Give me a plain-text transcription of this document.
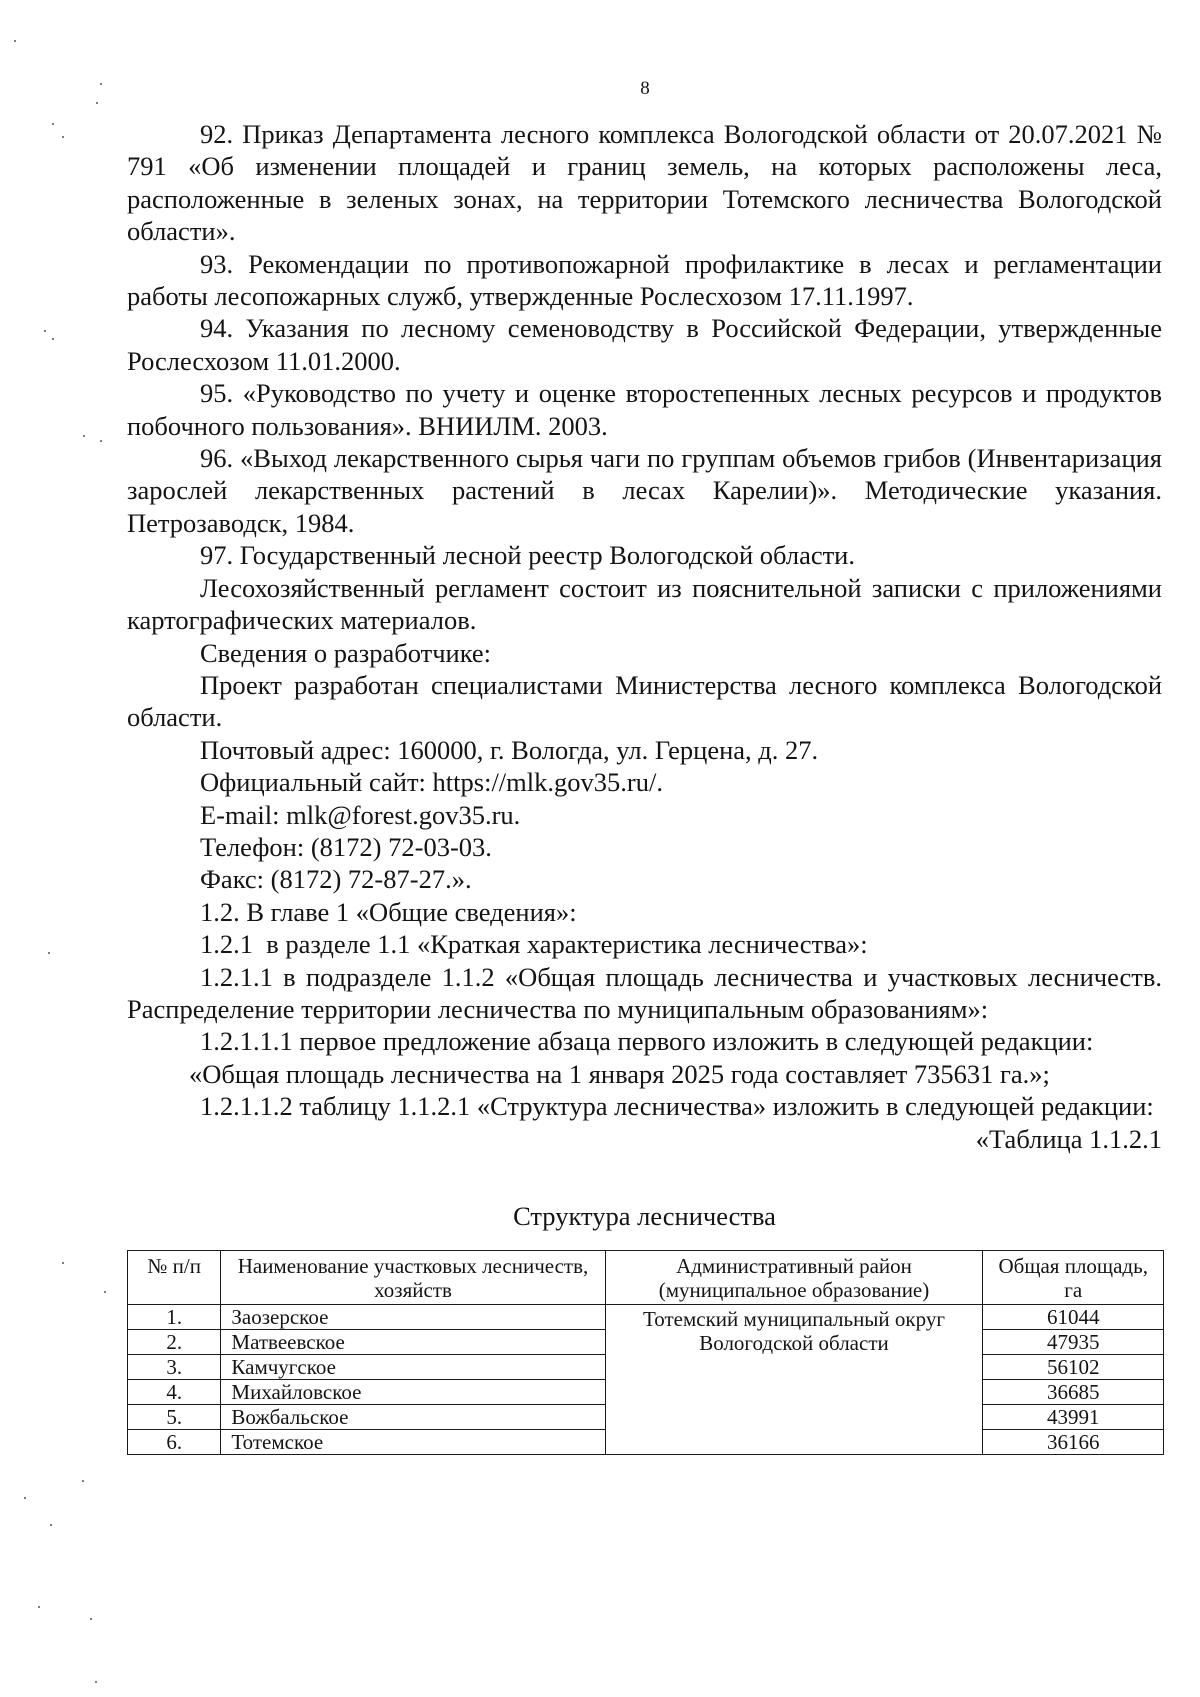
8

92. Приказ Департамента лесного комплекса Вологодской области от 20.07.2021 № 791 «Об изменении площадей и границ земель, на которых расположены леса, расположенные в зеленых зонах, на территории Тотемского лесничества Вологодской области».

93. Рекомендации по противопожарной профилактике в лесах и регламентации работы лесопожарных служб, утвержденные Рослесхозом 17.11.1997.

94. Указания по лесному семеноводству в Российской Федерации, утвержденные Рослесхозом 11.01.2000.

95. «Руководство по учету и оценке второстепенных лесных ресурсов и продуктов побочного пользования». ВНИИЛМ. 2003.

96. «Выход лекарственного сырья чаги по группам объемов грибов (Инвентаризация зарослей лекарственных растений в лесах Карелии)». Методические указания. Петрозаводск, 1984.

97. Государственный лесной реестр Вологодской области.

Лесохозяйственный регламент состоит из пояснительной записки с приложениями картографических материалов.

Сведения о разработчике:

Проект разработан специалистами Министерства лесного комплекса Вологодской области.

Почтовый адрес: 160000, г. Вологда, ул. Герцена, д. 27.

Официальный сайт: https://mlk.gov35.ru/.

E-mail: mlk@forest.gov35.ru.

Телефон: (8172) 72-03-03.

Факс: (8172) 72-87-27.».

1.2. В главе 1 «Общие сведения»:

1.2.1  в разделе 1.1 «Краткая характеристика лесничества»:

1.2.1.1 в подразделе 1.1.2 «Общая площадь лесничества и участковых лесничеств. Распределение территории лесничества по муниципальным образованиям»:

1.2.1.1.1 первое предложение абзаца первого изложить в следующей редакции:

«Общая площадь лесничества на 1 января 2025 года составляет 735631 га.»;

1.2.1.1.2 таблицу 1.1.2.1 «Структура лесничества» изложить в следующей редакции:

«Таблица 1.1.2.1

Структура лесничества

№ п/п	Наименование участковых лесничеств, хозяйств	Административный район (муниципальное образование)	Общая площадь, га
1.	Заозерское	Тотемский муниципальный округ Вологодской области	61044
2.	Матвеевское		47935
3.	Камчугское		56102
4.	Михайловское		36685
5.	Вожбальское		43991
6.	Тотемское		36166
